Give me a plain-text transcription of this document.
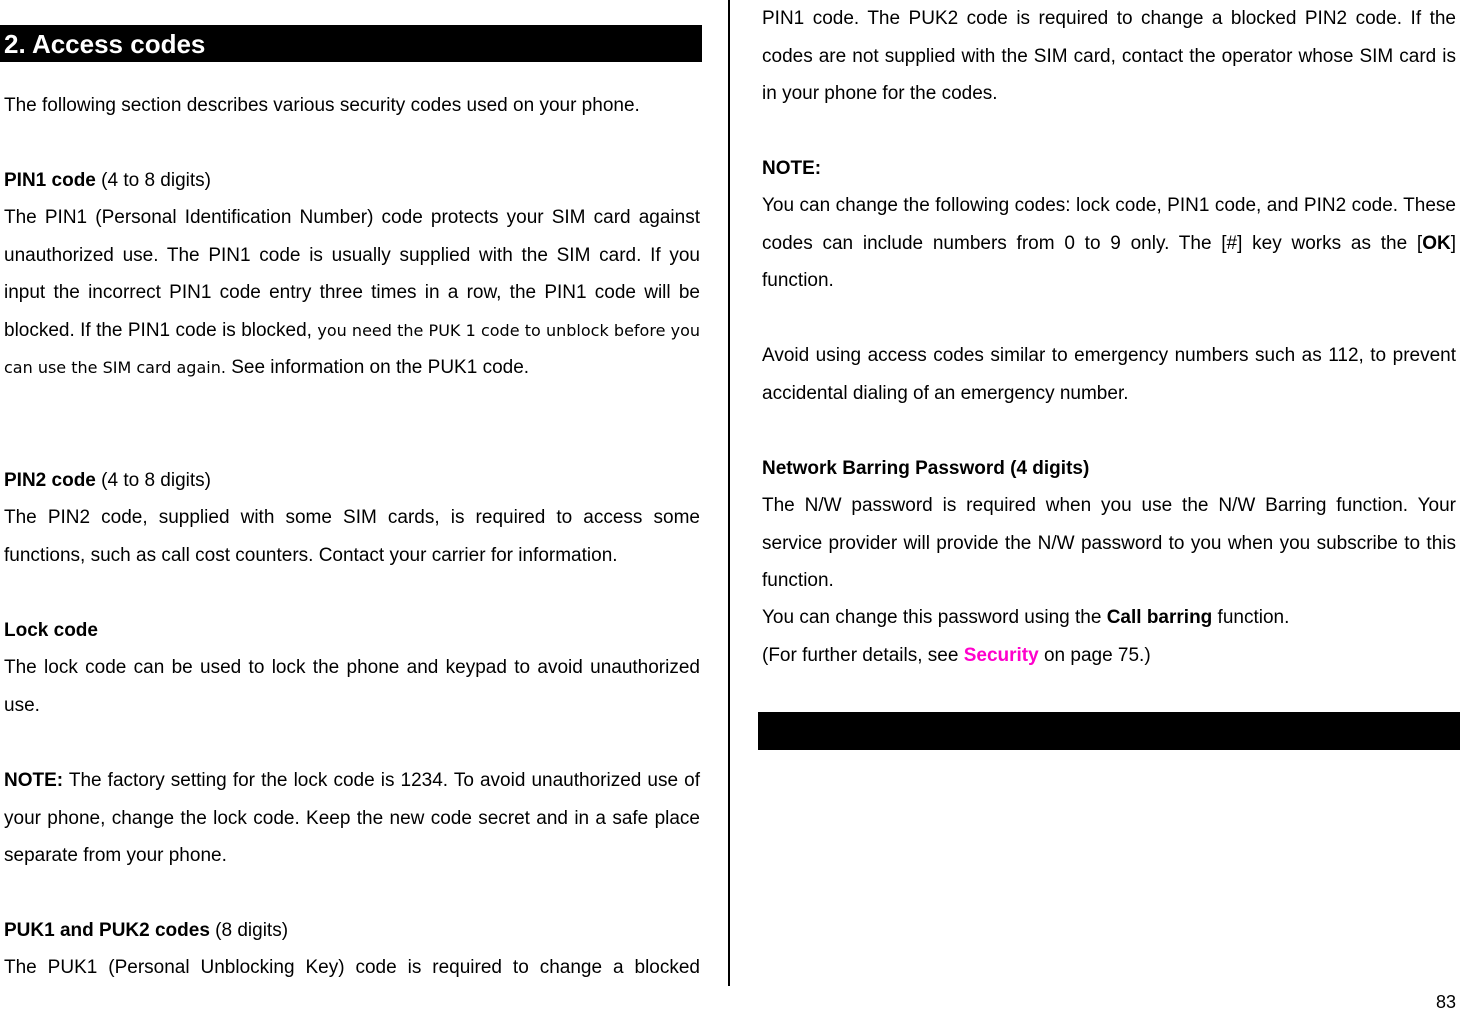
2. Access codes

The following section describes various security codes used on your phone.

PIN1 code (4 to 8 digits)

The PIN1 (Personal Identification Number) code protects your SIM card against unauthorized use. The PIN1 code is usually supplied with the SIM card. If you input the incorrect PIN1 code entry three times in a row, the PIN1 code will be blocked. If the PIN1 code is blocked, you need the PUK 1 code to unblock before you can use the SIM card again. See information on the PUK1 code.

PIN2 code (4 to 8 digits)

The PIN2 code, supplied with some SIM cards, is required to access some functions, such as call cost counters. Contact your carrier for information.

Lock code

The lock code can be used to lock the phone and keypad to avoid unauthorized use.

NOTE: The factory setting for the lock code is 1234. To avoid unauthorized use of your phone, change the lock code. Keep the new code secret and in a safe place separate from your phone.

PUK1 and PUK2 codes (8 digits)

The PUK1 (Personal Unblocking Key) code is required to change a blocked

PIN1 code. The PUK2 code is required to change a blocked PIN2 code. If the codes are not supplied with the SIM card, contact the operator whose SIM card is in your phone for the codes.

NOTE:

You can change the following codes: lock code, PIN1 code, and PIN2 code. These codes can include numbers from 0 to 9 only. The [#] key works as the [OK] function.

Avoid using access codes similar to emergency numbers such as 112, to prevent accidental dialing of an emergency number.

Network Barring Password (4 digits)

The N/W password is required when you use the N/W Barring function. Your service provider will provide the N/W password to you when you subscribe to this function.

You can change this password using the Call barring function.

(For further details, see Security on page 75.)

83
